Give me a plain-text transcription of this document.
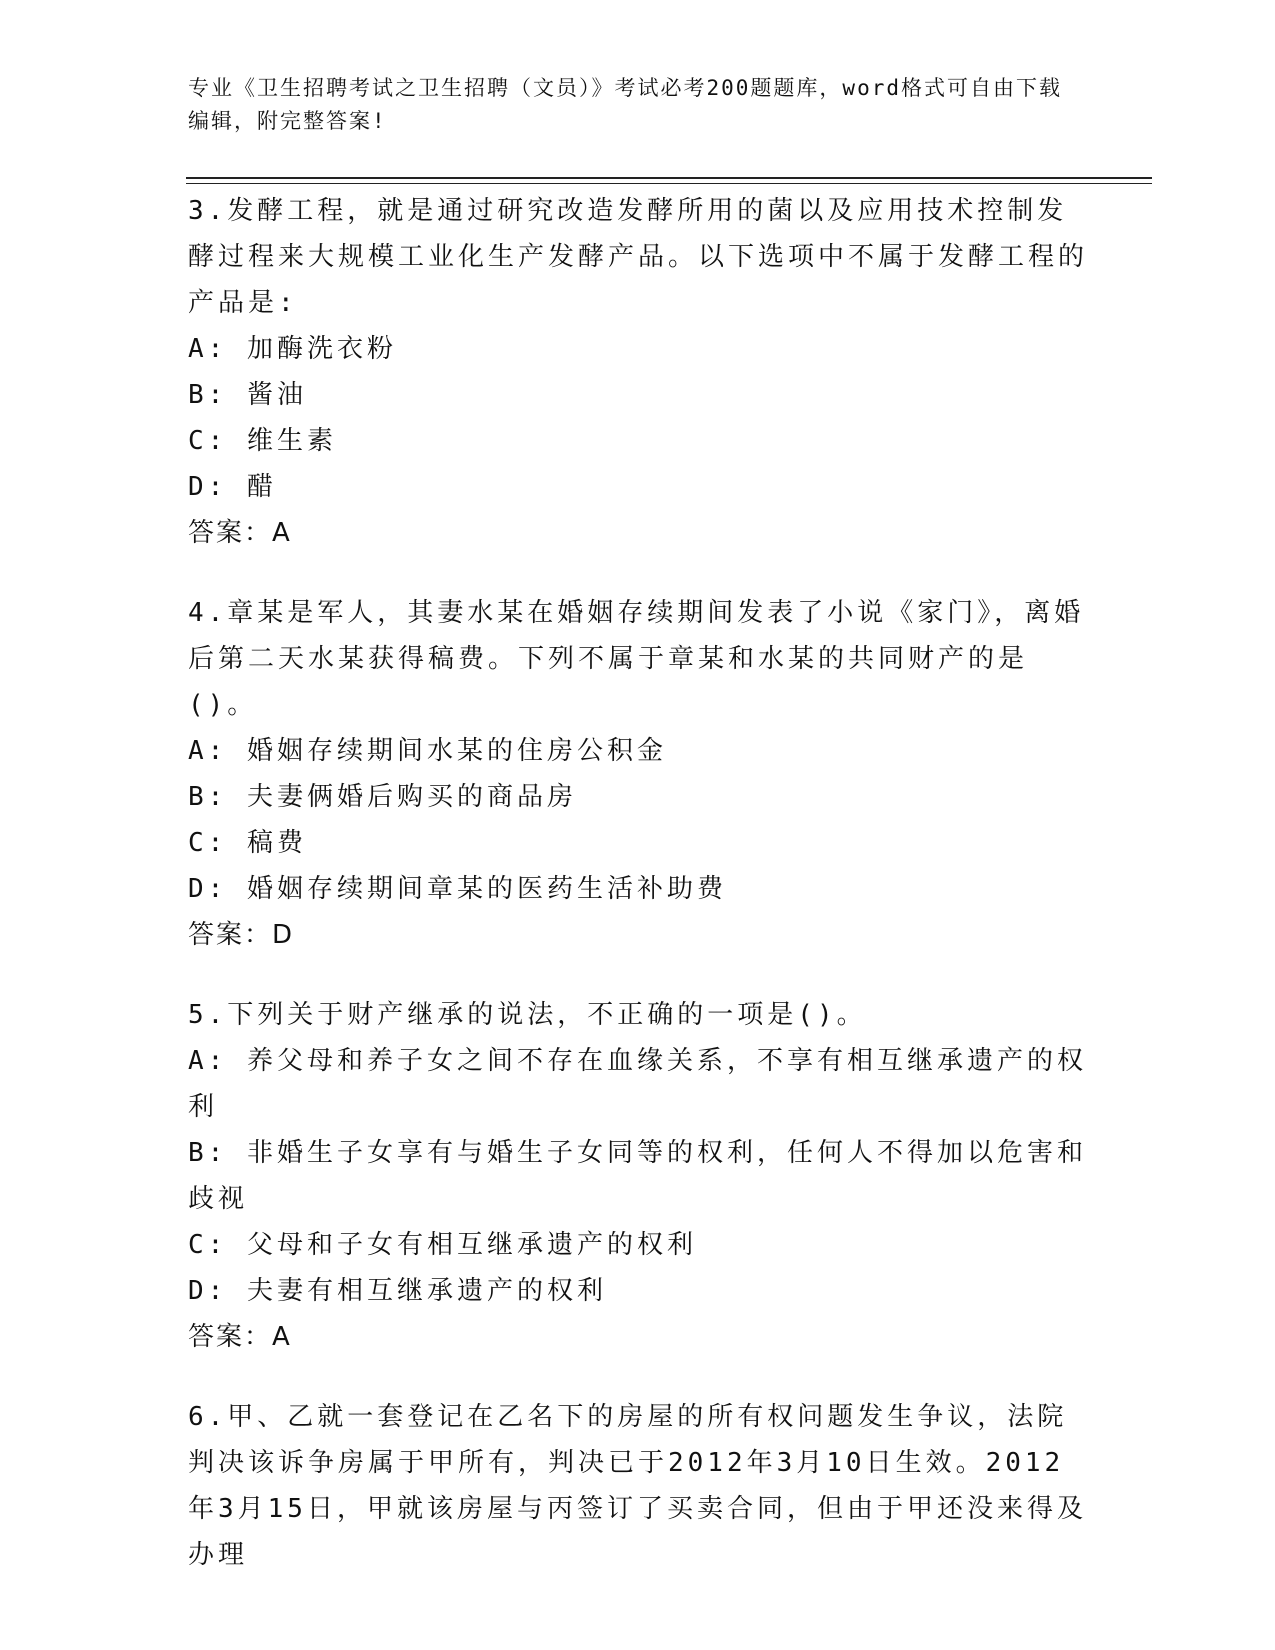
专业《卫生招聘考试之卫生招聘（文员）》考试必考200题题库，word格式可自由下载编辑，附完整答案!

3.发酵工程，就是通过研究改造发酵所用的菌以及应用技术控制发酵过程来大规模工业化生产发酵产品。以下选项中不属于发酵工程的产品是:

A: 加酶洗衣粉

B: 酱油

C: 维生素

D: 醋

答案：A

4.章某是军人，其妻水某在婚姻存续期间发表了小说《家门》，离婚后第二天水某获得稿费。下列不属于章某和水某的共同财产的是()。

A: 婚姻存续期间水某的住房公积金

B: 夫妻俩婚后购买的商品房

C: 稿费

D: 婚姻存续期间章某的医药生活补助费

答案：D

5.下列关于财产继承的说法，不正确的一项是()。

A: 养父母和养子女之间不存在血缘关系，不享有相互继承遗产的权利

B: 非婚生子女享有与婚生子女同等的权利，任何人不得加以危害和歧视

C: 父母和子女有相互继承遗产的权利

D: 夫妻有相互继承遗产的权利

答案：A

6.甲、乙就一套登记在乙名下的房屋的所有权问题发生争议，法院判决该诉争房属于甲所有，判决已于2012年3月10日生效。2012年3月15日，甲就该房屋与丙签订了买卖合同，但由于甲还没来得及办理
